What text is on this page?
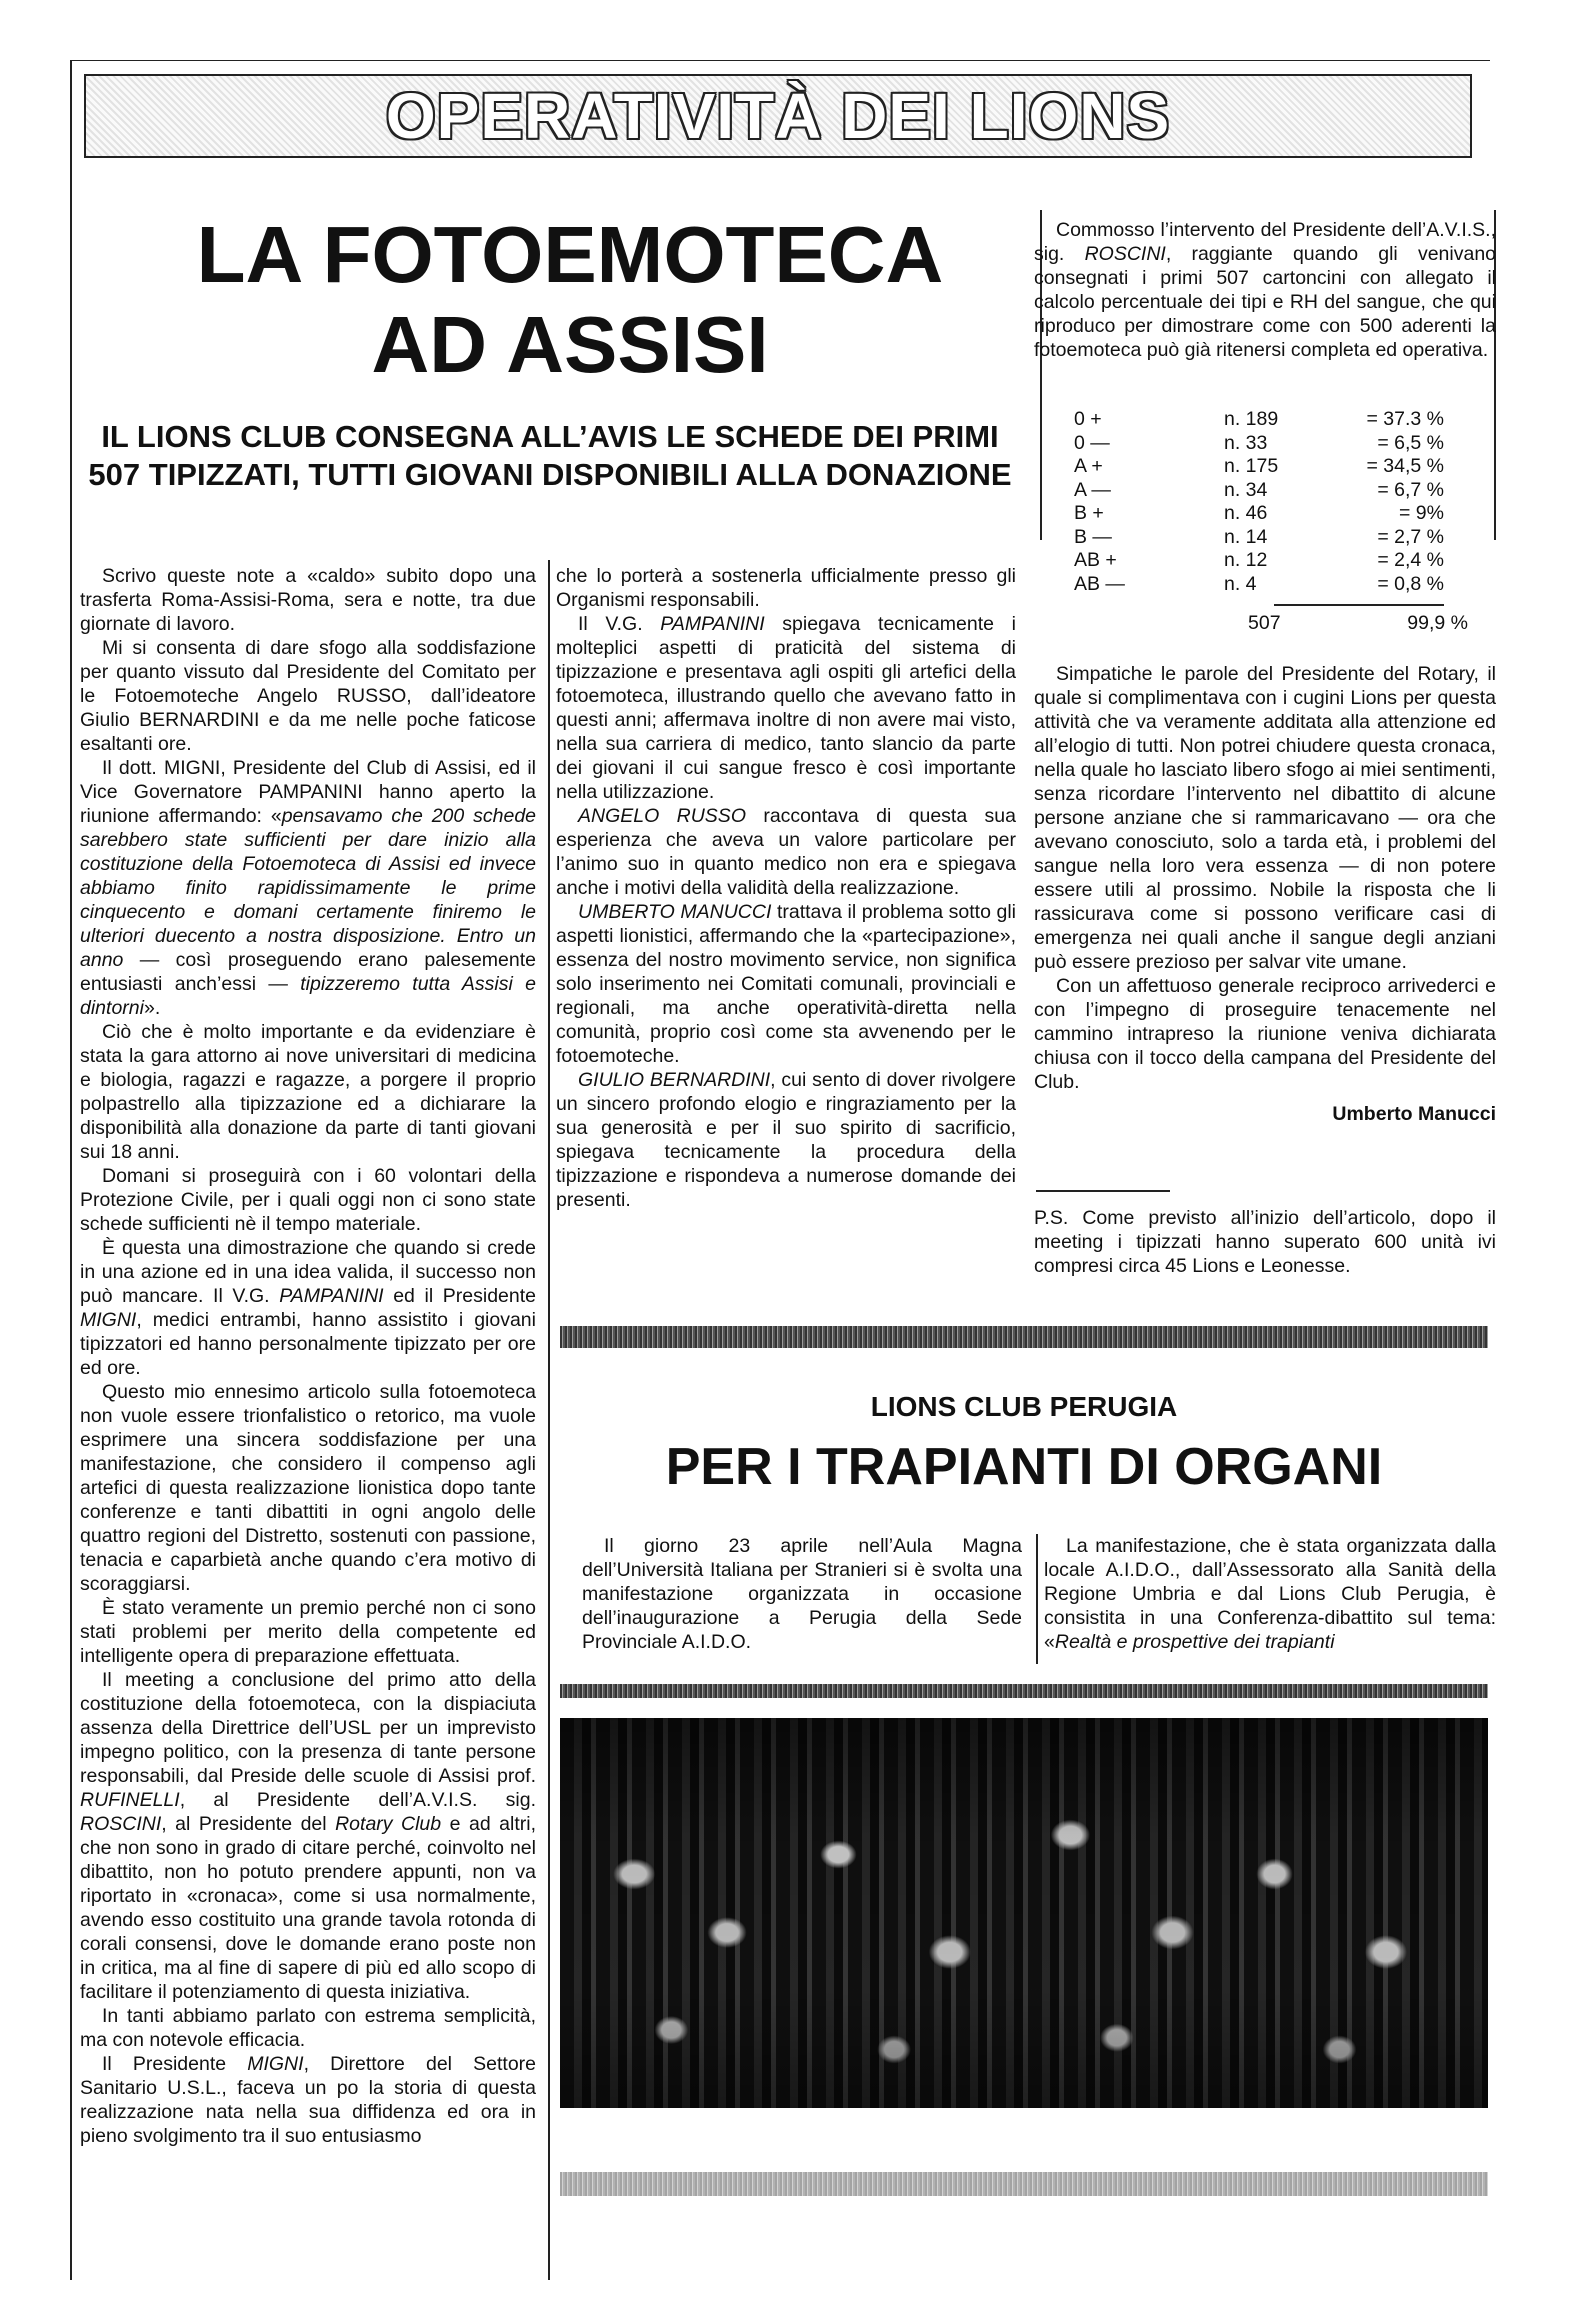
OPERATIVITÀ DEI LIONS
LA FOTOEMOTECA
AD ASSISI
IL LIONS CLUB CONSEGNA ALL’AVIS LE SCHEDE DEI PRIMI 507 TIPIZZATI, TUTTI GIOVANI DISPONIBILI ALLA DONAZIONE

Scrivo queste note a «caldo» subito dopo una trasferta Roma-Assisi-Roma, sera e notte, tra due giornate di lavoro.

Mi si consenta di dare sfogo alla soddisfazione per quanto vissuto dal Presidente del Comitato per le Fotoemoteche Angelo RUSSO, dall’ideatore Giulio BERNARDINI e da me nelle poche faticose esaltanti ore.

Il dott. MIGNI, Presidente del Club di Assisi, ed il Vice Governatore PAMPANINI hanno aperto la riunione affermando: «pensavamo che 200 schede sarebbero state sufficienti per dare inizio alla costituzione della Fotoemoteca di Assisi ed invece abbiamo finito rapidissimamente le prime cinquecento e domani certamente finiremo le ulteriori duecento a nostra disposizione. Entro un anno — così proseguendo erano palesemente entusiasti anch’essi — tipizzeremo tutta Assisi e dintorni».

Ciò che è molto importante e da evidenziare è stata la gara attorno ai nove universitari di medicina e biologia, ragazzi e ragazze, a porgere il proprio polpastrello alla tipizzazione ed a dichiarare la disponibilità alla donazione da parte di tanti giovani sui 18 anni.

Domani si proseguirà con i 60 volontari della Protezione Civile, per i quali oggi non ci sono state schede sufficienti nè il tempo materiale.

È questa una dimostrazione che quando si crede in una azione ed in una idea valida, il successo non può mancare. Il V.G. PAMPANINI ed il Presidente MIGNI, medici entrambi, hanno assistito i giovani tipizzatori ed hanno personalmente tipizzato per ore ed ore.

Questo mio ennesimo articolo sulla fotoemoteca non vuole essere trionfalistico o retorico, ma vuole esprimere una sincera soddisfazione per una manifestazione, che considero il compenso agli artefici di questa realizzazione lionistica dopo tante conferenze e tanti dibattiti in ogni angolo delle quattro regioni del Distretto, sostenuti con passione, tenacia e caparbietà anche quando c’era motivo di scoraggiarsi.

È stato veramente un premio perché non ci sono stati problemi per merito della competente ed intelligente opera di preparazione effettuata.

Il meeting a conclusione del primo atto della costituzione della fotoemoteca, con la dispiaciuta assenza della Direttrice dell’USL per un imprevisto impegno politico, con la presenza di tante persone responsabili, dal Preside delle scuole di Assisi prof. RUFINELLI, al Presidente dell’A.V.I.S. sig. ROSCINI, al Presidente del Rotary Club e ad altri, che non sono in grado di citare perché, coinvolto nel dibattito, non ho potuto prendere appunti, non va riportato in «cronaca», come si usa normalmente, avendo esso costituito una grande tavola rotonda di corali consensi, dove le domande erano poste non in critica, ma al fine di sapere di più ed allo scopo di facilitare il potenziamento di questa iniziativa.

In tanti abbiamo parlato con estrema semplicità, ma con notevole efficacia.

Il Presidente MIGNI, Direttore del Settore Sanitario U.S.L., faceva un po la storia di questa realizzazione nata nella sua diffidenza ed ora in pieno svolgimento tra il suo entusiasmo

che lo porterà a sostenerla ufficialmente presso gli Organismi responsabili.

Il V.G. PAMPANINI spiegava tecnicamente i molteplici aspetti di praticità del sistema di tipizzazione e presentava agli ospiti gli artefici della fotoemoteca, illustrando quello che avevano fatto in questi anni; affermava inoltre di non avere mai visto, nella sua carriera di medico, tanto slancio da parte dei giovani il cui sangue fresco è così importante nella utilizzazione.

ANGELO RUSSO raccontava di questa sua esperienza che aveva un valore particolare per l’animo suo in quanto medico non era e spiegava anche i motivi della validità della realizzazione.

UMBERTO MANUCCI trattava il problema sotto gli aspetti lionistici, affermando che la «partecipazione», essenza del nostro movimento service, non significa solo inserimento nei Comitati comunali, provinciali e regionali, ma anche operatività-diretta nella comunità, proprio così come sta avvenendo per le fotoemoteche.

GIULIO BERNARDINI, cui sento di dover rivolgere un sincero profondo elogio e ringraziamento per la sua generosità e per il suo spirito di sacrificio, spiegava tecnicamente la procedura della tipizzazione e rispondeva a numerose domande dei presenti.

Commosso l’intervento del Presidente dell’A.V.I.S., sig. ROSCINI, raggiante quando gli venivano consegnati i primi 507 cartoncini con allegato il calcolo percentuale dei tipi e RH del sangue, che qui riproduco per dimostrare come con 500 aderenti la fotoemoteca può già ritenersi completa ed operativa.

0 +	n. 189	= 37.3 %
0 —	n. 33	= 6,5 %
A +	n. 175	= 34,5 %
A —	n. 34	= 6,7 %
B +	n. 46	= 9%
B —	n. 14	= 2,7 %
AB +	n. 12	= 2,4 %
AB —	n. 4	= 0,8 %
507	99,9 %

Simpatiche le parole del Presidente del Rotary, il quale si complimentava con i cugini Lions per questa attività che va veramente additata alla attenzione ed all’elogio di tutti. Non potrei chiudere questa cronaca, nella quale ho lasciato libero sfogo ai miei sentimenti, senza ricordare l’intervento nel dibattito di alcune persone anziane che si rammaricavano — ora che avevano conosciuto, solo a tarda età, i problemi del sangue nella loro vera essenza — di non potere essere utili al prossimo. Nobile la risposta che li rassicurava come si possono verificare casi di emergenza nei quali anche il sangue degli anziani può essere prezioso per salvar vite umane.

Con un affettuoso generale reciproco arrivederci e con l’impegno di proseguire tenacemente nel cammino intrapreso la riunione veniva dichiarata chiusa con il tocco della campana del Presidente del Club.

Umberto Manucci

P.S. Come previsto all’inizio dell’articolo, dopo il meeting i tipizzati hanno superato 600 unità ivi compresi circa 45 Lions e Leonesse.

LIONS CLUB PERUGIA
PER I TRAPIANTI DI ORGANI

Il giorno 23 aprile nell’Aula Magna dell’Università Italiana per Stranieri si è svolta una manifestazione organizzata in occasione dell’inaugurazione a Perugia della Sede Provinciale A.I.D.O.

La manifestazione, che è stata organizzata dalla locale A.I.D.O., dall’Assessorato alla Sanità della Regione Umbria e dal Lions Club Perugia, è consistita in una Conferenza-dibattito sul tema: «Realtà e prospettive dei trapianti
